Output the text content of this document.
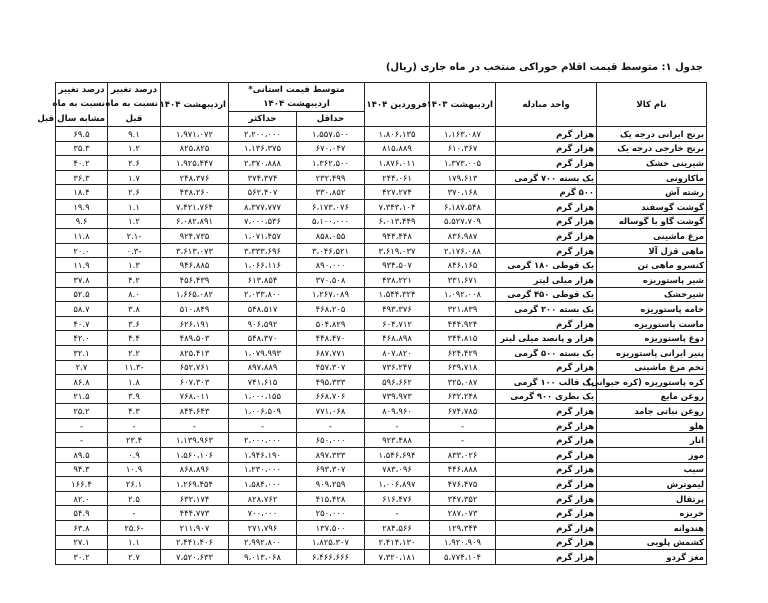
جدول ۱: متوسط قیمت اقلام خوراکی منتخب در ماه جاری (ریال)
نام کالا	واحد مبادله	اردیبهشت ۱۴۰۳	فروردین ۱۴۰۴	متوسط قیمت استانی*		اردیبهشت ۱۴۰۴	درصد تغییر	درصد تغییر
				اردیبهشت ۱۴۰۴			نسبت به ماه	نسبت به ماه
				حداقل	حداکثر		قبل	مشابه سال قبل
برنج ایرانی درجه یک	هزار گرم	۱،۱۶۳،۰۸۷	۱،۸۰۶،۱۳۵	۱،۵۵۷،۵۰۰	۲،۲۰۰،۰۰۰	۱،۹۷۱،۰۷۲	۹.۱	۶۹.۵
برنج خارجی درجه یک	هزار گرم	۶۱۰،۳۶۷	۸۱۵،۸۸۹	۶۷۰،۰۴۷	۱،۱۳۶،۳۷۵	۸۲۵،۸۲۵	۱.۲	۳۵.۳
شیرینی خشک	هزار گرم	۱،۳۷۳،۰۰۵	۱،۸۷۶،۰۱۱	۱،۳۶۲،۵۰۰	۲،۳۷۰،۸۸۸	۱،۹۲۵،۴۴۷	۲.۶	۴۰.۲
ماکارونی	یک بسته ۷۰۰ گرمی	۱۷۹،۶۱۳	۲۴۴،۰۶۱	۲۳۲،۴۹۹	۳۷۴،۳۷۴	۲۴۸،۳۷۶	۱.۷	۳۶.۳
رشته آش	۵۰۰ گرم	۳۷۰،۱۶۸	۴۲۷،۲۷۴	۳۳۰،۸۵۲	۵۶۲،۴۰۷	۴۳۸،۲۶۰	۲.۶	۱۸.۴
گوشت گوسفند	هزار گرم	۶،۱۸۷،۵۴۸	۷،۳۴۳،۱۰۴	۶،۱۷۳،۰۷۶	۸،۳۷۷،۷۷۷	۷،۴۲۱،۷۶۴	۱.۱	۱۹.۹
گوشت گاو یا گوساله	هزار گرم	۵،۵۲۷،۷۰۹	۶،۰۱۳،۴۴۹	۵،۱۰۰،۰۰۰	۷،۰۰۰،۵۳۶	۶،۰۸۲،۸۹۱	۱.۲	۹.۶
مرغ ماشینی	هزار گرم	۸۳۶،۹۸۷	۹۴۴،۴۴۸	۸۵۸،۰۵۵	۱،۰۷۱،۴۵۷	۹۲۴،۷۳۵	-۲.۱	۱۱.۸
ماهی قزل آلا	هزار گرم	۲،۱۷۶،۰۸۸	۳،۶۱۹،۰۳۷	۳،۰۴۶،۵۲۱	۳،۳۳۳،۶۹۶	۳،۶۱۳،۰۷۳	-۰.۳	۲۰.۰
کنسرو ماهی تن	یک قوطی ۱۸۰ گرمی	۸۴۶،۱۶۵	۹۳۴،۵۰۷	۸۹۰،۰۰۰	۱،۰۶۶،۱۱۶	۹۴۶،۸۸۵	۱.۳	۱۱.۹
شیر پاستوریزه	هزار میلی لیتر	۳۳۱،۶۷۱	۴۳۸،۲۲۱	۳۷۰،۵۰۸	۶۱۳،۸۵۴	۴۵۶،۴۳۹	۴.۲	۳۷.۸
شیرخشک	یک قوطی ۴۵۰ گرمی	۱،۰۹۲،۰۰۸	۱،۵۴۴،۳۲۴	۱،۲۶۷،۰۸۹	۲،۰۳۳،۸۰۰	۱،۶۶۵،۰۸۲	۸.۰	۵۲.۵
خامه پاستوریزه	یک بسته ۲۰۰ گرمی	۳۲۱،۸۳۹	۴۹۳،۳۷۶	۴۶۸،۲۰۵	۵۴۸،۵۱۷	۵۱۰،۸۴۹	۳.۸	۵۸.۷
ماست پاستوریزه	هزار گرم	۴۴۴،۹۲۴	۶۰۴،۷۱۲	۵۰۴،۸۲۹	۹۰۶،۵۹۲	۶۲۶،۱۹۱	۳.۶	۴۰.۷
دوغ پاستوریزه	هزار و پانصد میلی لیتر	۳۴۴،۸۱۵	۴۶۸،۸۹۸	۴۴۸،۴۷۰	۵۴۸،۳۷۰	۴۸۹،۵۰۳	۴.۴	۴۲.۰
پنیر ایرانی پاستوریزه	یک بسته ۵۰۰ گرمی	۶۲۴،۴۲۹	۸۰۷،۸۲۰	۶۸۷،۷۷۱	۱،۰۷۹،۹۹۳	۸۲۵،۴۱۳	۲.۲	۳۲.۱
تخم مرغ ماشینی	هزار گرم	۶۳۹،۷۱۸	۷۳۶،۲۴۷	۴۵۷،۳۰۷	۸۹۷،۸۸۹	۶۵۲،۷۶۱	-۱۱.۳	۲.۷
کره پاستوریزه (کره حیوانی)	یک قالب ۱۰۰ گرمی	۳۲۵،۰۸۷	۵۹۶،۶۶۲	۴۹۵،۳۳۳	۷۴۱،۶۱۵	۶۰۷،۳۰۳	۱.۸	۸۶.۸
روغن مایع	یک بطری ۹۰۰ گرمی	۶۳۲،۲۴۸	۷۳۹،۹۷۳	۶۶۸،۷۰۶	۱،۰۰۰،۱۵۵	۷۶۸،۰۱۱	۳.۹	۲۱.۵
روغن نباتی جامد	هزار گرم	۶۷۴،۷۸۵	۸۰۹،۹۶۰	۷۷۱،۰۶۸	۱،۰۰۶،۵۰۹	۸۴۴،۶۴۳	۴.۳	۲۵.۲
هلو	هزار گرم	-	-	-	-	-	-	-
انار	هزار گرم	-	۹۲۳،۴۸۸	۶۵۰،۰۰۰	۲،۰۰۰،۰۰۰	۱،۱۳۹،۹۶۳	۲۳.۴	-
موز	هزار گرم	۸۳۳،۰۲۶	۱،۵۴۶،۶۹۴	۸۹۷،۳۳۳	۱،۹۴۶،۱۹۰	۱،۵۶۰،۱۰۶	۰.۹	۸۹.۵
سیب	هزار گرم	۴۴۶،۸۸۸	۷۸۳،۰۹۶	۶۹۳،۳۰۷	۱،۲۳۰،۰۰۰	۸۶۸،۸۹۶	۱۰.۹	۹۴.۳
لیموترش	هزار گرم	۴۷۶،۴۷۵	۱،۰۰۶،۸۹۷	۹۰۹،۲۵۹	۱،۵۸۴،۰۰۰	۱،۲۶۹،۴۵۴	۲۶.۱	۱۶۶.۴
پرتقال	هزار گرم	۳۴۷،۳۵۲	۶۱۶،۴۷۶	۴۱۵،۴۲۸	۸۲۸،۷۶۲	۶۳۲،۱۷۴	۲.۵	۸۲.۰
خربزه	هزار گرم	۲۸۷،۰۷۳	-	۲۵۰،۰۰۰	۷۰۰،۰۰۰	۴۴۴،۷۷۳	-	۵۴.۹
هندوانه	هزار گرم	۱۲۹،۳۴۴	۲۸۴،۵۶۶	۱۳۷،۵۰۰	۲۷۱،۷۹۶	۲۱۱،۹۰۷	-۲۵.۶	۶۳.۸
کشمش پلویی	هزار گرم	۱،۹۲۰،۹۰۹	۲،۴۱۴،۱۳۰	۱،۸۲۵،۳۰۷	۲،۹۹۲،۸۰۰	۲،۴۴۱،۴۰۶	۱.۱	۲۷.۱
مغز گردو	هزار گرم	۵،۷۷۴،۱۰۴	۷،۳۲۰،۱۸۱	۶،۴۶۶،۶۶۶	۹،۰۱۳،۰۶۸	۷،۵۲۰،۶۳۳	۲.۷	۳۰.۲
